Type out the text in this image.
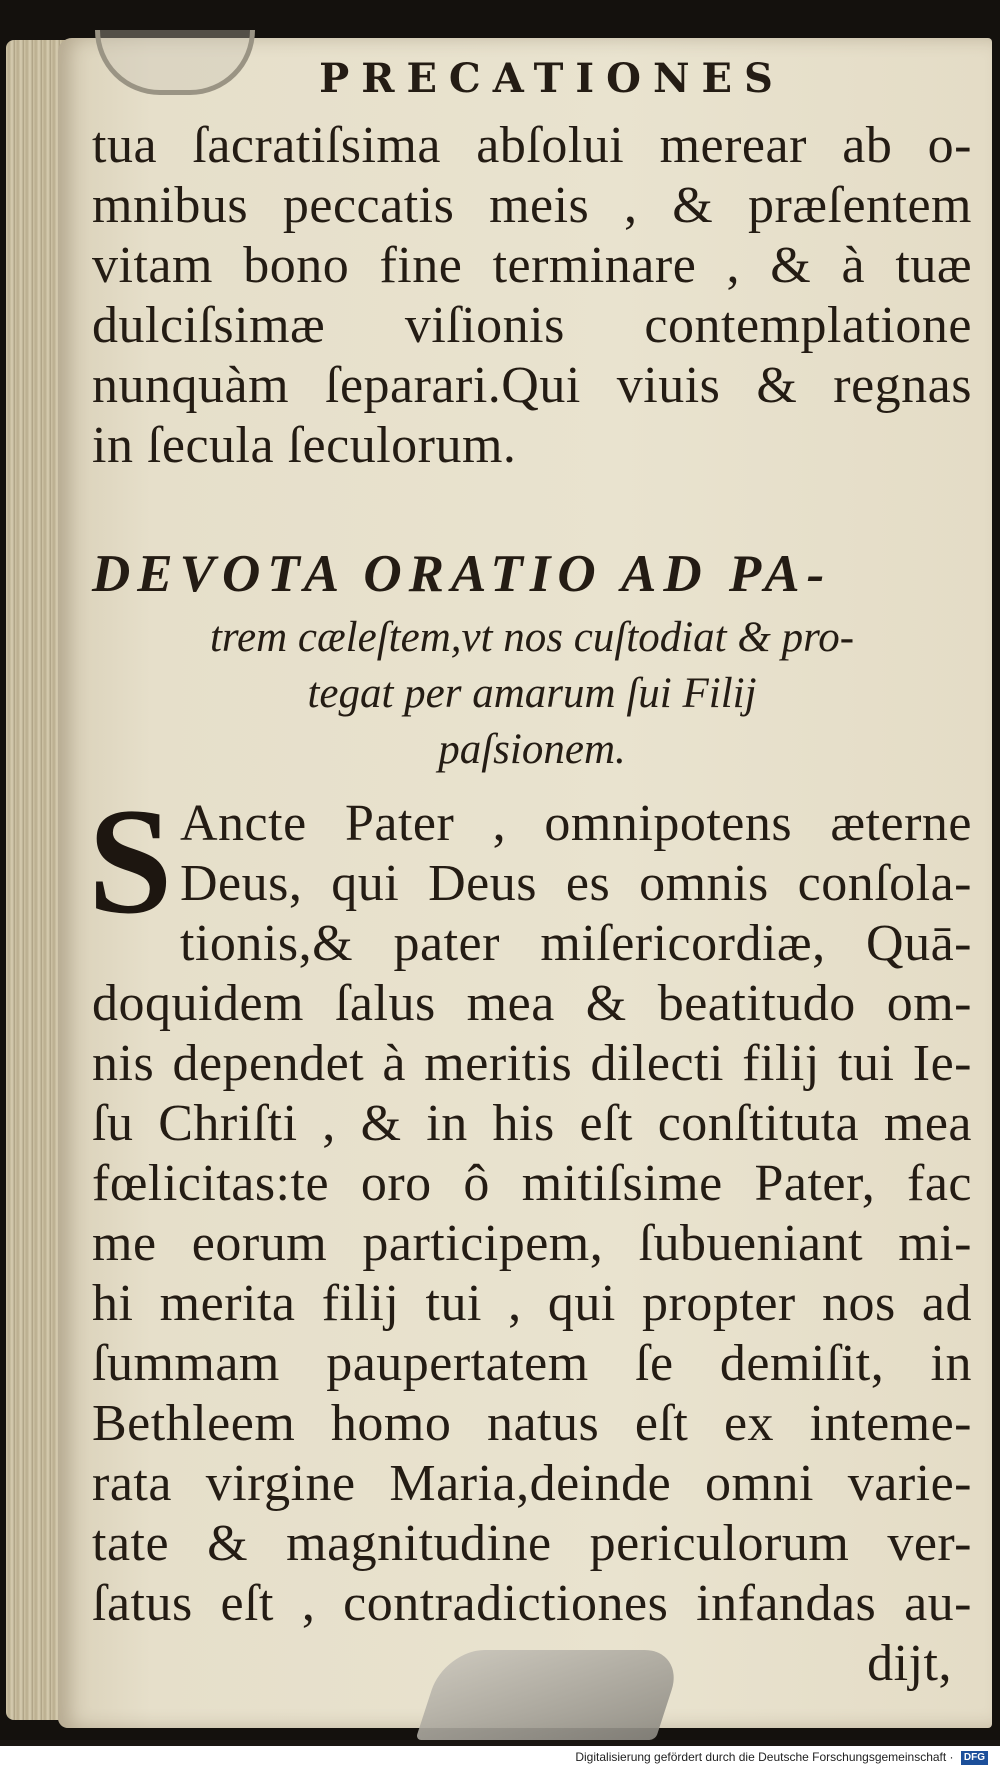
PRECATIONES

tua ſacratiſsima abſolui merear ab o-

mnibus peccatis meis , & præſentem

vitam bono fine terminare , & à tuæ

dulciſsimæ viſionis contemplatione

nunquàm ſeparari.Qui viuis & regnas

in ſecula ſeculorum.

DEVOTA ORATIO AD PA-

trem cæleſtem,vt nos cuſtodiat & pro-

tegat per amarum ſui Filij

paſsionem.

S Ancte Pater , omnipotens æterne

Deus, qui Deus es omnis conſola-

tionis,& pater miſericordiæ, Quā-

doquidem ſalus mea & beatitudo om-

nis dependet à meritis dilecti filij tui Ie-

ſu Chriſti , & in his eſt conſtituta mea

fœlicitas:te oro ô mitiſsime Pater, fac

me eorum participem, ſubueniant mi-

hi merita filij tui , qui propter nos ad

ſummam paupertatem ſe demiſit, in

Bethleem homo natus eſt ex inteme-

rata virgine Maria,deinde omni varie-

tate & magnitudine periculorum ver-

ſatus eſt , contradictiones infandas au-

dijt,

Digitalisierung gefördert durch die Deutsche Forschungsgemeinschaft · DFG
